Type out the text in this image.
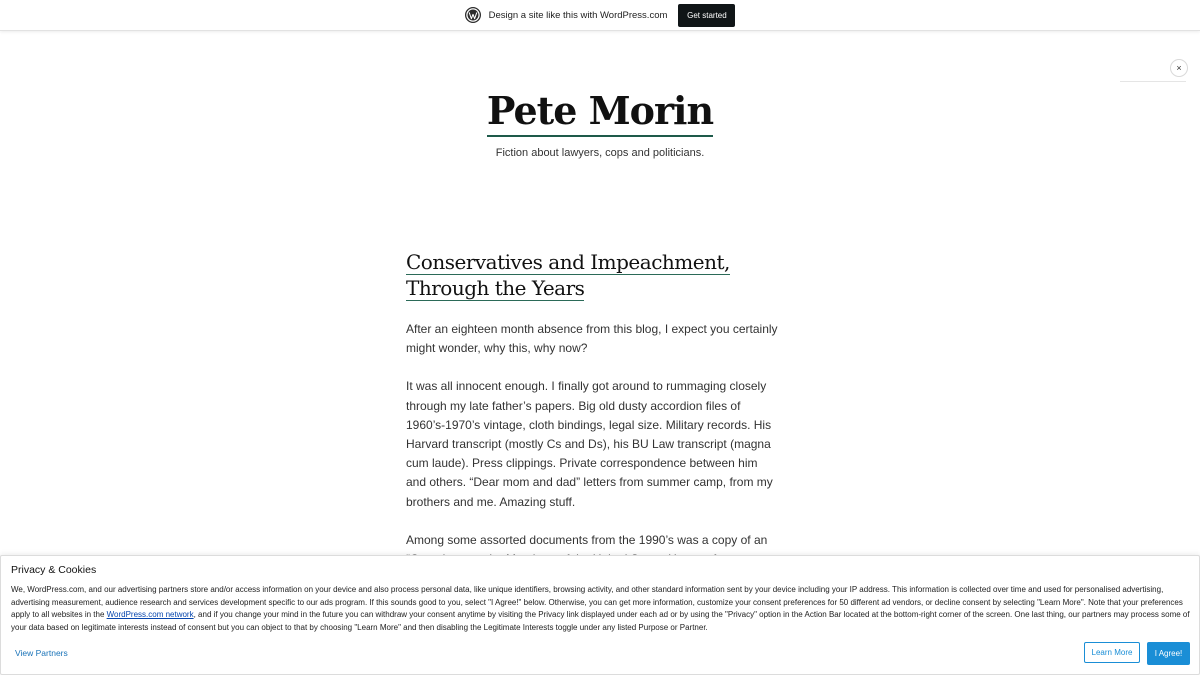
Design a site like this with WordPress.com	Get started
×
Pete Morin
Fiction about lawyers, cops and politicians.
Conservatives and Impeachment, Through the Years

After an eighteen month absence from this blog, I expect you certainly might wonder, why this, why now?

It was all innocent enough. I finally got around to rummaging closely through my late father’s papers. Big old dusty accordion files of 1960’s-1970’s vintage, cloth bindings, legal size. Military records. His Harvard transcript (mostly Cs and Ds), his BU Law transcript (magna cum laude). Press clippings. Private correspondence between him and others. “Dear mom and dad” letters from summer camp, from my brothers and me. Amazing stuff.

Among some assorted documents from the 1990’s was a copy of an

Privacy & Cookies

We, WordPress.com, and our advertising partners store and/or access information on your device and also process personal data, like unique identifiers, browsing activity, and other standard information sent by your device including your IP address. This information is collected over time and used for personalised advertising, advertising measurement, audience research and services development specific to our ads program. If this sounds good to you, select "I Agree!" below. Otherwise, you can get more information, customize your consent preferences for 50 different ad vendors, or decline consent by selecting "Learn More". Note that your preferences apply to all websites in the WordPress.com network, and if you change your mind in the future you can withdraw your consent anytime by visiting the Privacy link displayed under each ad or by using the "Privacy" option in the Action Bar located at the bottom-right corner of the screen. One last thing, our partners may process some of your data based on legitimate interests instead of consent but you can object to that by choosing "Learn More" and then disabling the Legitimate Interests toggle under any listed Purpose or Partner.

View Partners	Learn More	I Agree!
